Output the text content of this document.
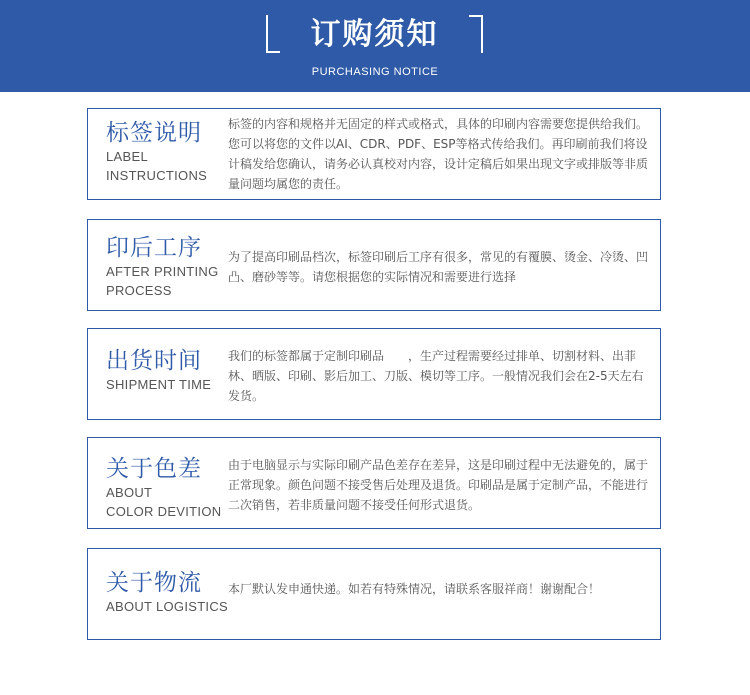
订购须知
PURCHASING NOTICE
标签说明
LABEL
INSTRUCTIONS
标签的内容和规格并无固定的样式或格式，具体的印刷内容需要您提供给我们。您可以将您的文件以AI、CDR、PDF、ESP等格式传给我们。再印刷前我们将设计稿发给您确认，请务必认真校对内容，设计定稿后如果出现文字或排版等非质量问题均属您的责任。
印后工序
AFTER PRINTING
PROCESS
为了提高印刷品档次，标签印刷后工序有很多，常见的有覆膜、烫金、冷烫、凹凸、磨砂等等。请您根据您的实际情况和需要进行选择
出货时间
SHIPMENT TIME
我们的标签都属于定制印刷品　　，生产过程需要经过排单、切割材料、出菲林、晒版、印刷、影后加工、刀版、模切等工序。一般情况我们会在2-5天左右发货。
关于色差
ABOUT
COLOR DEVITION
由于电脑显示与实际印刷产品色差存在差异，这是印刷过程中无法避免的，属于正常现象。颜色问题不接受售后处理及退货。印刷品是属于定制产品，不能进行二次销售，若非质量问题不接受任何形式退货。
关于物流
ABOUT LOGISTICS
本厂默认发申通快递。如若有特殊情况，请联系客服祥商！谢谢配合！
